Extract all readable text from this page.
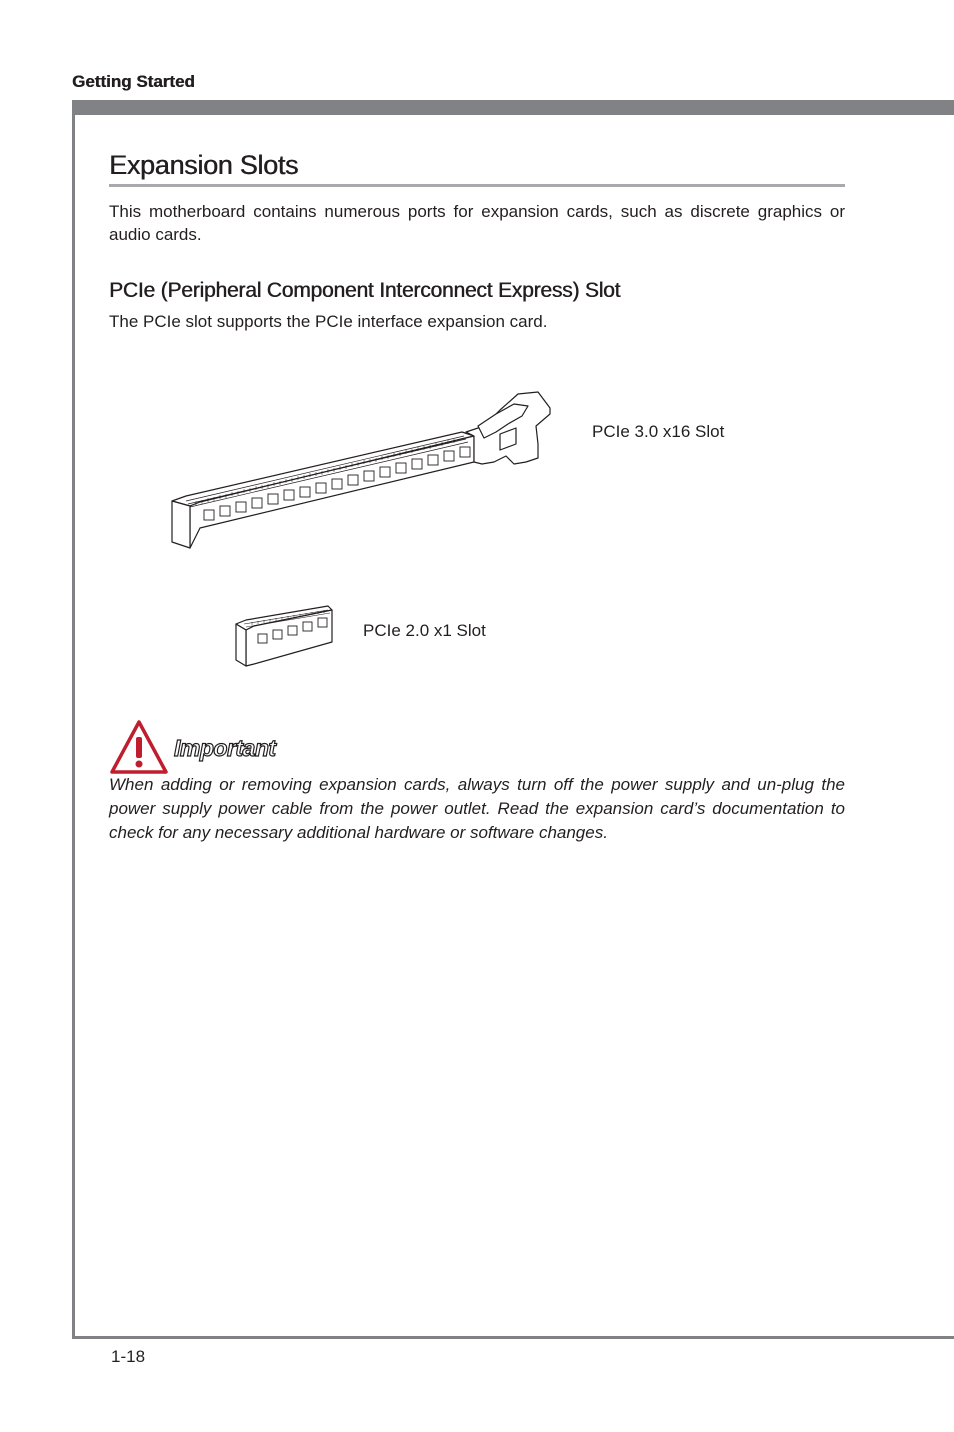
Getting Started
Expansion Slots
This motherboard contains numerous ports for expansion cards, such as discrete graphics or audio cards.
PCIe (Peripheral Component Interconnect Express) Slot
The PCIe slot supports the PCIe interface expansion card.
PCIe 3.0 x16 Slot
PCIe 2.0 x1 Slot
Important
When adding or removing expansion cards, always turn off the power supply and un-plug the power supply power cable from the power outlet. Read the expansion card’s documentation to check for any necessary additional hardware or software changes.
1-18
